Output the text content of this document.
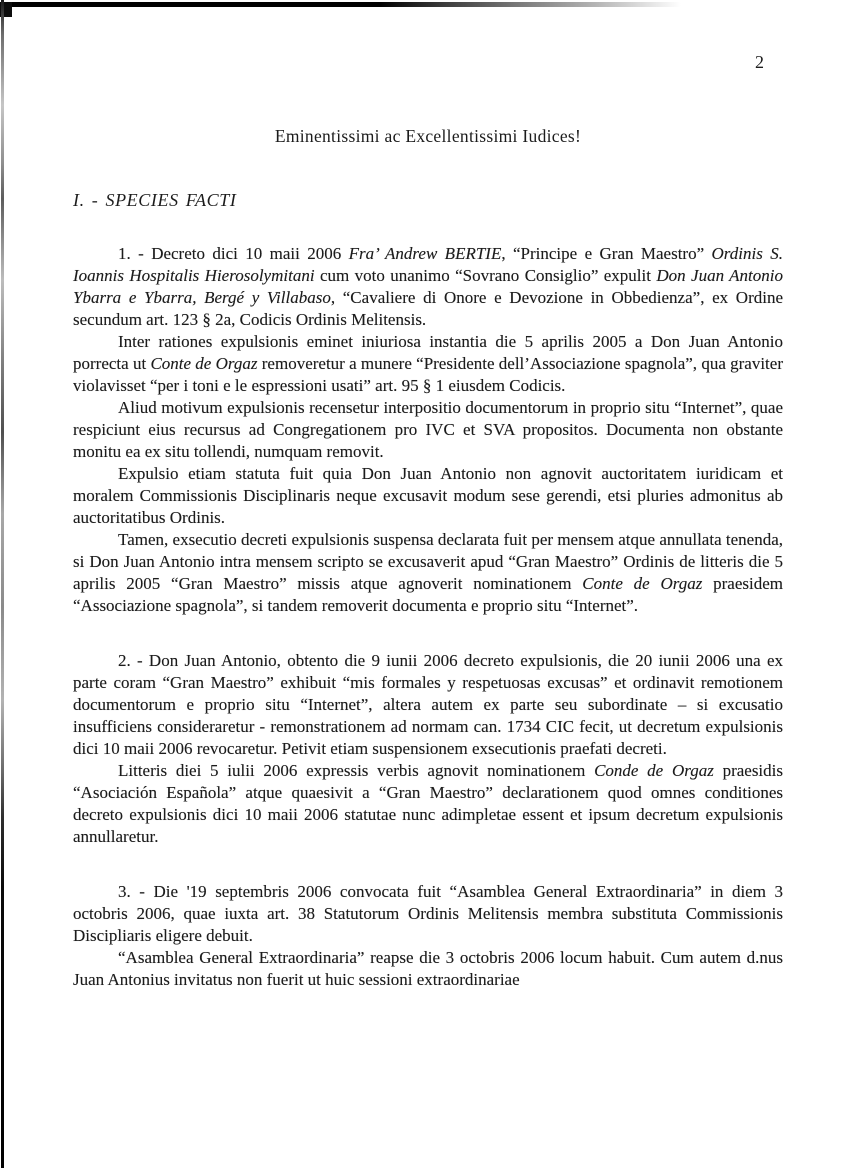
2
Eminentissimi ac Excellentissimi Iudices!
I. - SPECIES FACTI

1. - Decreto dici 10 maii 2006 Fra’ Andrew BERTIE, “Principe e Gran Maestro” Ordinis S. Ioannis Hospitalis Hierosolymitani cum voto unanimo “Sovrano Consiglio” expulit Don Juan Antonio Ybarra e Ybarra, Bergé y Villabaso, “Cavaliere di Onore e Devozione in Obbedienza”, ex Ordine secundum art. 123 § 2a, Codicis Ordinis Melitensis.

Inter rationes expulsionis eminet iniuriosa instantia die 5 aprilis 2005 a Don Juan Antonio porrecta ut Conte de Orgaz removeretur a munere “Presidente dell’Associazione spagnola”, qua graviter violavisset “per i toni e le espressioni usati” art. 95 § 1 eiusdem Codicis.

Aliud motivum expulsionis recensetur interpositio documentorum in proprio situ “Internet”, quae respiciunt eius recursus ad Congregationem pro IVC et SVA propositos. Documenta non obstante monitu ea ex situ tollendi, numquam removit.

Expulsio etiam statuta fuit quia Don Juan Antonio non agnovit auctoritatem iuridicam et moralem Commissionis Disciplinaris neque excusavit modum sese gerendi, etsi pluries admonitus ab auctoritatibus Ordinis.

Tamen, exsecutio decreti expulsionis suspensa declarata fuit per mensem atque annullata tenenda, si Don Juan Antonio intra mensem scripto se excusaverit apud “Gran Maestro” Ordinis de litteris die 5 aprilis 2005 “Gran Maestro” missis atque agnoverit nominationem Conte de Orgaz praesidem “Associazione spagnola”, si tandem removerit documenta e proprio situ “Internet”.

2. - Don Juan Antonio, obtento die 9 iunii 2006 decreto expulsionis, die 20 iunii 2006 una ex parte coram “Gran Maestro” exhibuit “mis formales y respetuosas excusas” et ordinavit remotionem documentorum e proprio situ “Internet”, altera autem ex parte seu subordinate – si excusatio insufficiens consideraretur - remonstrationem ad normam can. 1734 CIC fecit, ut decretum expulsionis dici 10 maii 2006 revocaretur. Petivit etiam suspensionem exsecutionis praefati decreti.

Litteris diei 5 iulii 2006 expressis verbis agnovit nominationem Conde de Orgaz praesidis “Asociación Española” atque quaesivit a “Gran Maestro” declarationem quod omnes conditiones decreto expulsionis dici 10 maii 2006 statutae nunc adimpletae essent et ipsum decretum expulsionis annullaretur.

3. - Die '19 septembris 2006 convocata fuit “Asamblea General Extraordinaria” in diem 3 octobris 2006, quae iuxta art. 38 Statutorum Ordinis Melitensis membra substituta Commissionis Discipliaris eligere debuit.

“Asamblea General Extraordinaria” reapse die 3 octobris 2006 locum habuit. Cum autem d.nus Juan Antonius invitatus non fuerit ut huic sessioni extraordinariae
